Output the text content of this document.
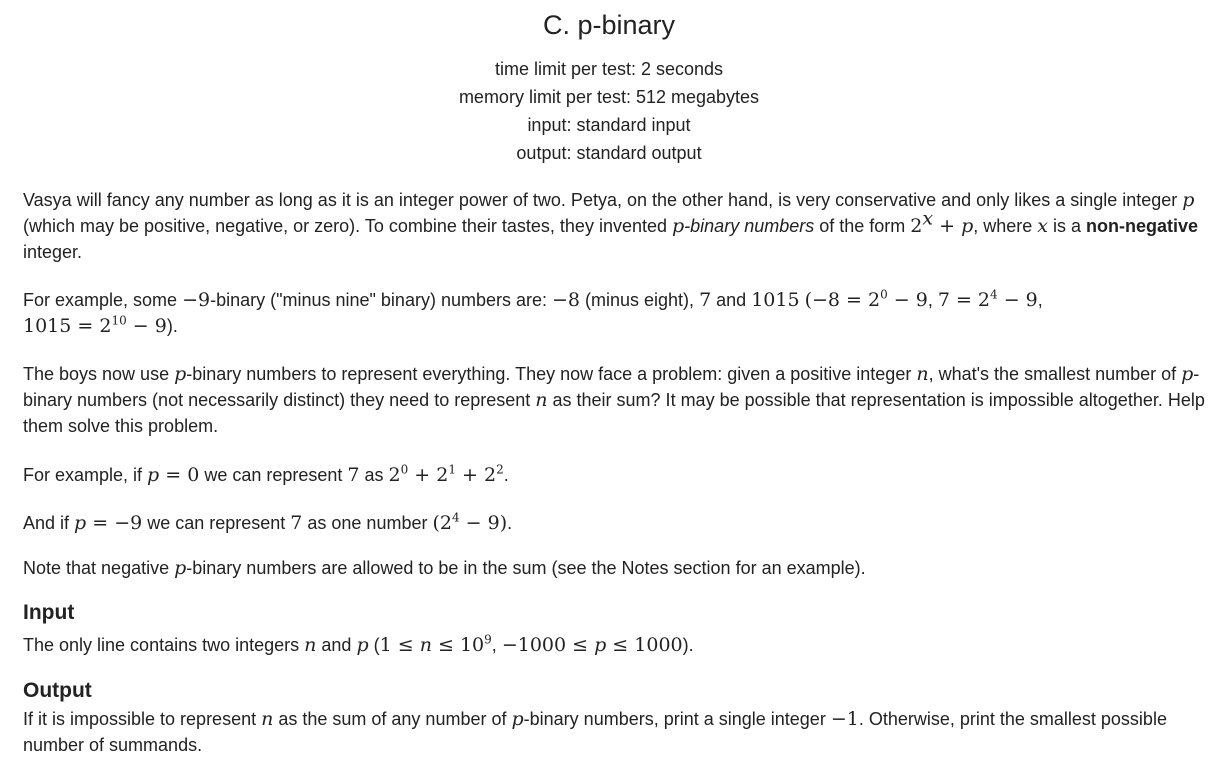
C. p-binary
time limit per test: 2 seconds
memory limit per test: 512 megabytes
input: standard input
output: standard output
Vasya will fancy any number as long as it is an integer power of two. Petya, on the other hand, is very conservative and only likes a single integer p (which may be positive, negative, or zero). To combine their tastes, they invented p-binary numbers of the form $2^x + p$, where x is a non-negative integer.
For example, some −9-binary ("minus nine" binary) numbers are: −8 (minus eight), 7 and 1015 ($-8 = 2^0 - 9$, $7 = 2^4 - 9$,
$1015 = 2^{10} - 9$).
The boys now use p-binary numbers to represent everything. They now face a problem: given a positive integer n, what's the smallest number of p-binary numbers (not necessarily distinct) they need to represent n as their sum? It may be possible that representation is impossible altogether. Help them solve this problem.
For example, if p = 0 we can represent 7 as $2^0 + 2^1 + 2^2$.
And if p = −9 we can represent 7 as one number $(2^4 - 9)$.
Note that negative p-binary numbers are allowed to be in the sum (see the Notes section for an example).
Input
The only line contains two integers n and p ($1 \le n \le 10^9$, −1000 ≤ p ≤ 1000).
Output
If it is impossible to represent n as the sum of any number of p-binary numbers, print a single integer −1. Otherwise, print the smallest possible number of summands.
